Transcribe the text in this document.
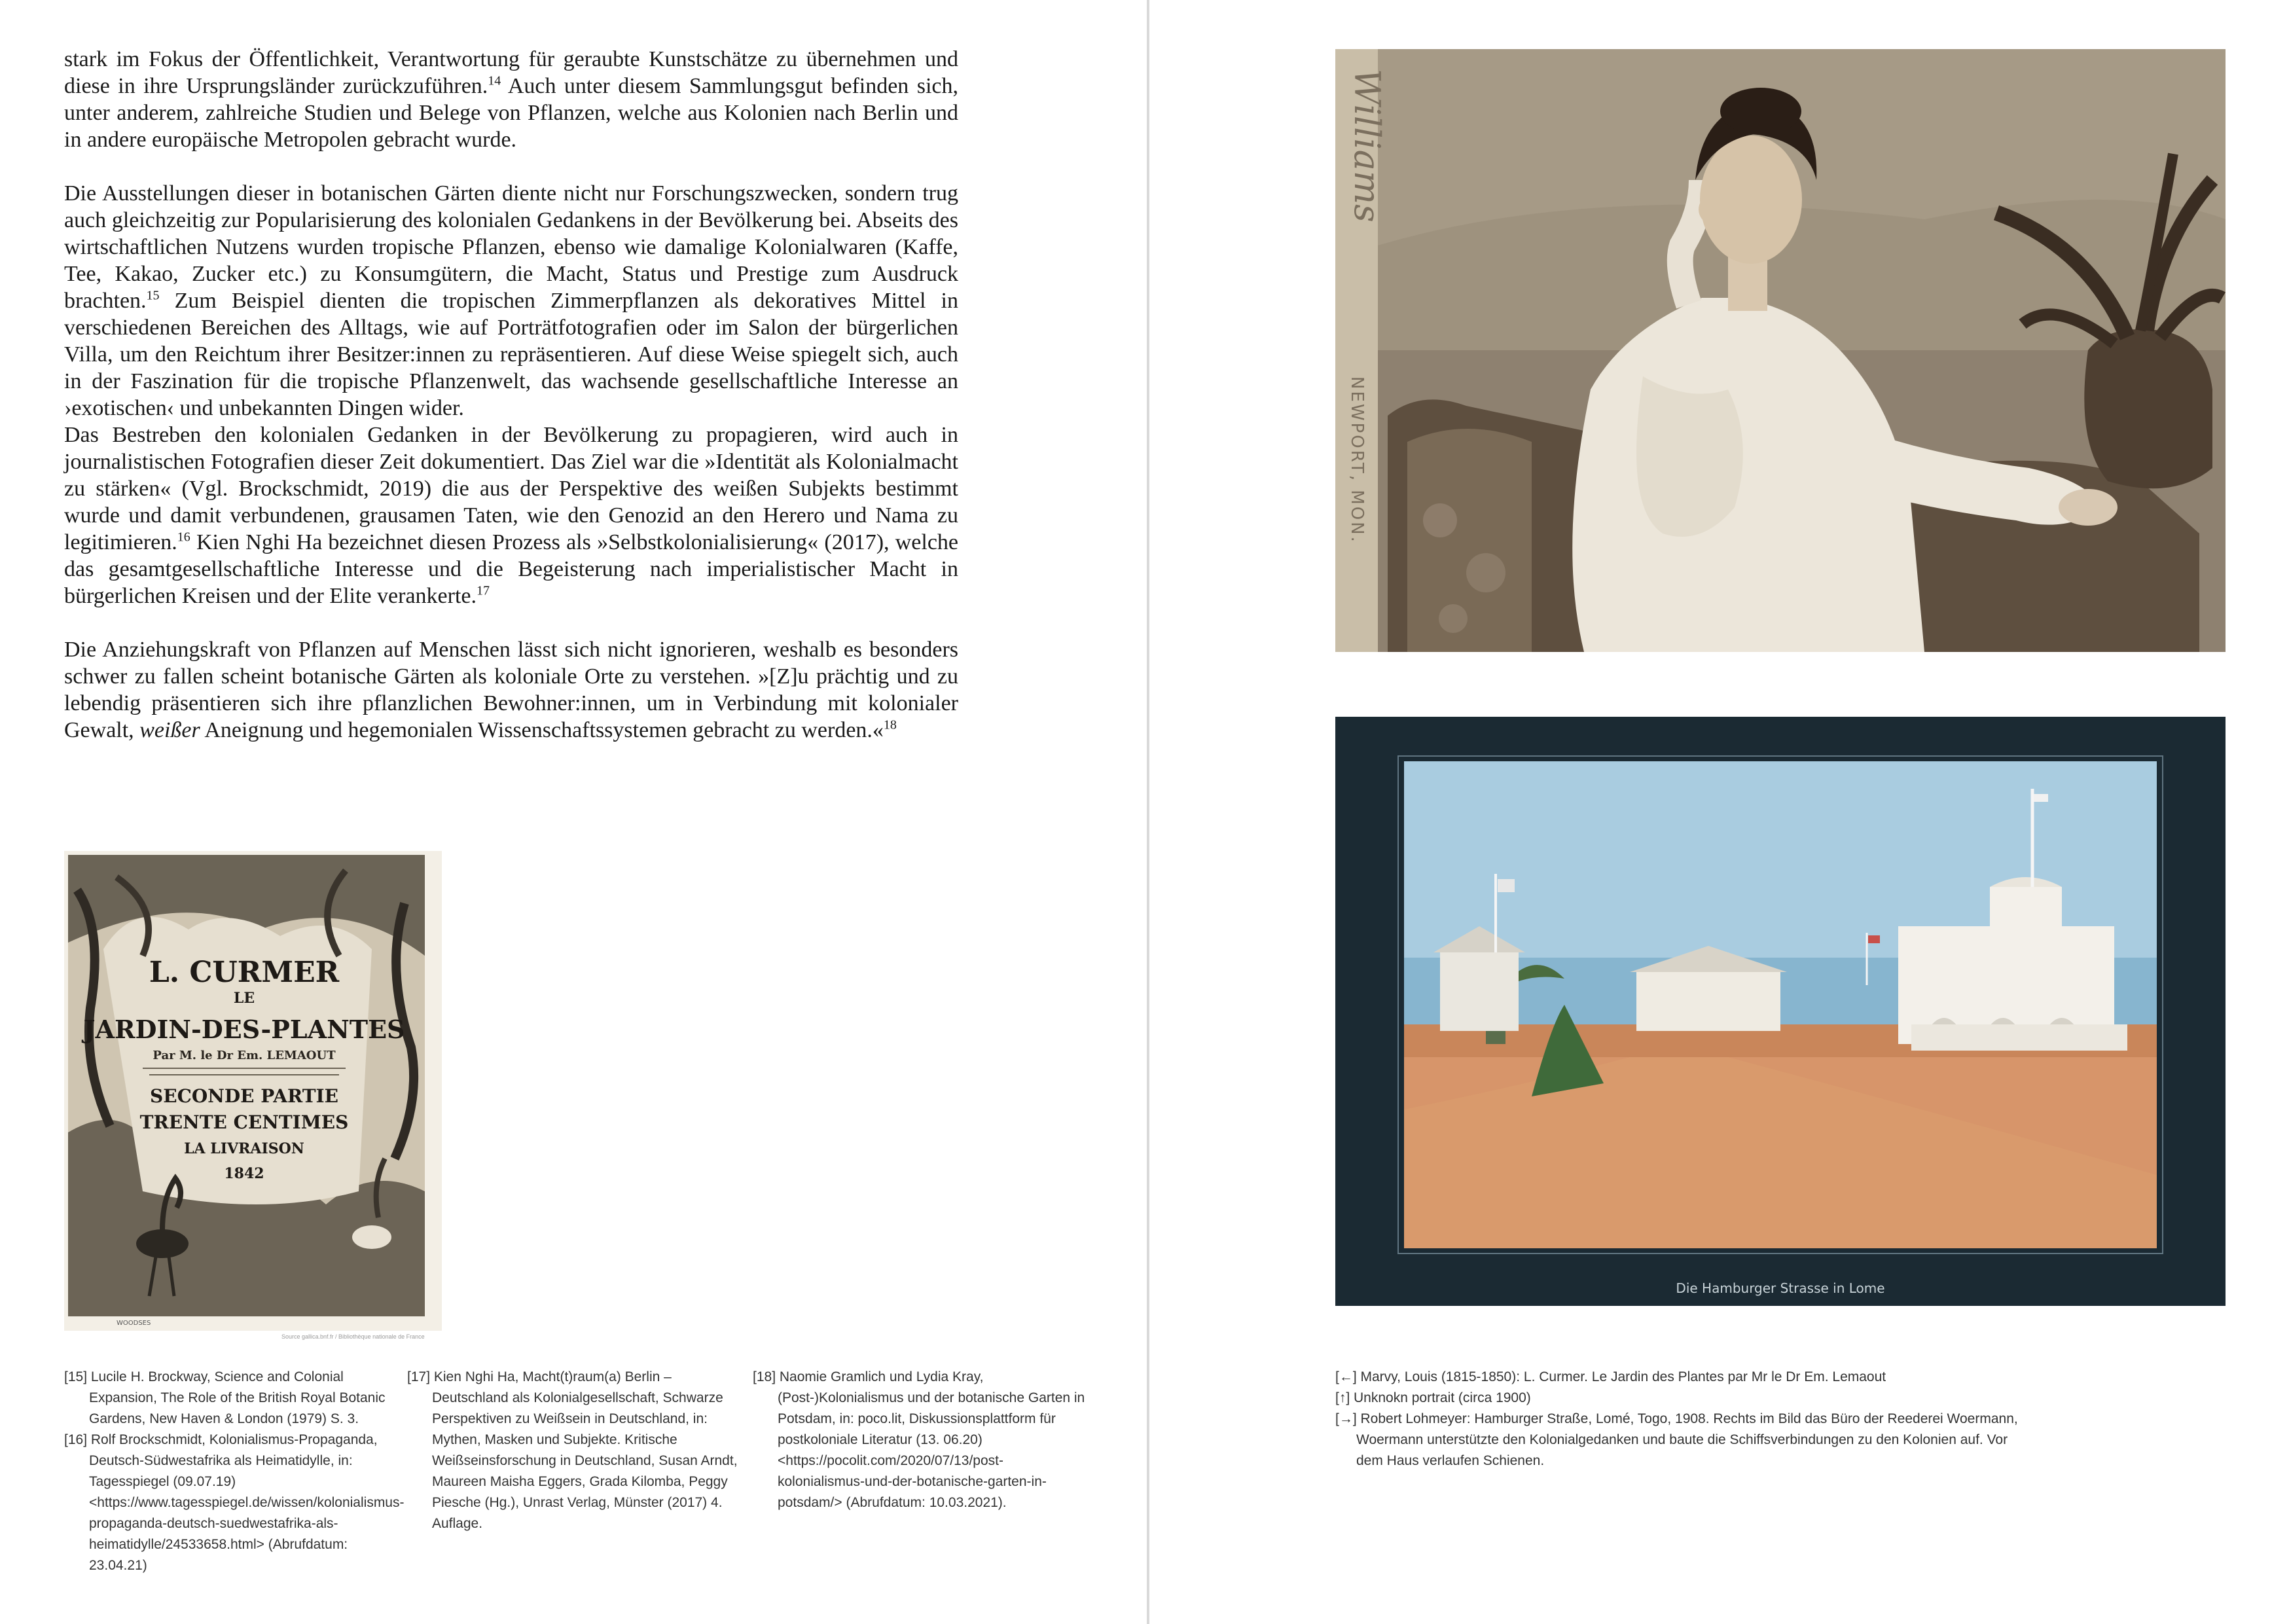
stark im Fokus der Öffentlichkeit, Verantwortung für geraubte Kunstschätze zu übernehmen und diese in ihre Ursprungsländer zurückzuführen.$^{14}$ Auch unter diesem Sammlungsgut befinden sich, unter anderem, zahlreiche Studien und Belege von Pflanzen, welche aus Kolonien nach Berlin und in andere europäische Metropolen gebracht wurde.

Die Ausstellungen dieser in botanischen Gärten diente nicht nur Forschungszwecken, sondern trug auch gleichzeitig zur Popularisierung des kolonialen Gedankens in der Bevölkerung bei. Abseits des wirtschaftlichen Nutzens wurden tropische Pflanzen, ebenso wie damalige Kolonialwaren (Kaffe, Tee, Kakao, Zucker etc.) zu Konsumgütern, die Macht, Status und Prestige zum Ausdruck brachten.$^{15}$ Zum Beispiel dienten die tropischen Zimmerpflanzen als dekoratives Mittel in verschiedenen Bereichen des Alltags, wie auf Porträtfotografien oder im Salon der bürgerlichen Villa, um den Reichtum ihrer Besitzer:innen zu repräsentieren. Auf diese Weise spiegelt sich, auch in der Faszination für die tropische Pflanzenwelt, das wachsende gesellschaftliche Interesse an ›exotischen‹ und unbekannten Dingen wider.

Das Bestreben den kolonialen Gedanken in der Bevölkerung zu propagieren, wird auch in journalistischen Fotografien dieser Zeit dokumentiert. Das Ziel war die »Identität als Kolonialmacht zu stärken« (Vgl. Brockschmidt, 2019) die aus der Perspektive des weißen Subjekts bestimmt wurde und damit verbundenen, grausamen Taten, wie den Genozid an den Herero und Nama zu legitimieren.$^{16}$ Kien Nghi Ha bezeichnet diesen Prozess als »Selbstkolonialisierung« (2017), welche das gesamtgesellschaftliche Interesse und die Begeisterung nach imperialistischer Macht in bürgerlichen Kreisen und der Elite verankerte.$^{17}$

Die Anziehungskraft von Pflanzen auf Menschen lässt sich nicht ignorieren, weshalb es besonders schwer zu fallen scheint botanische Gärten als koloniale Orte zu verstehen. »[Z]u prächtig und zu lebendig präsentieren sich ihre pflanzlichen Bewohner:innen, um in Verbindung mit kolonialer Gewalt, weißer Aneignung und hegemonialen Wissenschaftssystemen gebracht zu werden.«$^{18}$

L. CURMER
LE
JARDIN-DES-PLANTES
Par M. le Dr Em. LEMAOUT
SECONDE PARTIE
TRENTE CENTIMES
LA LIVRAISON
1842
WOODSES
Source gallica.bnf.fr / Bibliothèque nationale de France

[15] Lucile H. Brockway, Science and Colonial Expansion, The Role of the British Royal Botanic Gardens, New Haven & London (1979) S. 3.

[16] Rolf Brockschmidt, Kolonialismus-Propaganda, Deutsch-Südwestafrika als Heimatidylle, in: Tagesspiegel (09.07.19) <https://www.tagesspiegel.de/wissen/kolonialismus-propaganda-deutsch-suedwestafrika-als-heimatidylle/24533658.html> (Abrufdatum: 23.04.21)

[17] Kien Nghi Ha, Macht(t)raum(a) Berlin – Deutschland als Kolonialgesellschaft, Schwarze Perspektiven zu Weißsein in Deutschland, in: Mythen, Masken und Subjekte. Kritische Weißseinsforschung in Deutschland, Susan Arndt, Maureen Maisha Eggers, Grada Kilomba, Peggy Piesche (Hg.), Unrast Verlag, Münster (2017) 4. Auflage.

[18] Naomie Gramlich und Lydia Kray, (Post-)Kolonialismus und der botanische Garten in Potsdam, in: poco.lit, Diskussionsplattform für postkoloniale Literatur (13. 06.20) <https://pocolit.com/2020/07/13/post-kolonialismus-und-der-botanische-garten-in-potsdam/> (Abrufdatum: 10.03.2021).

Williams
NEWPORT, MON.
Die Hamburger Strasse in Lome

[←] Marvy, Louis (1815-1850): L. Curmer. Le Jardin des Plantes par Mr le Dr Em. Lemaout

[↑] Unknokn portrait (circa 1900)

[→] Robert Lohmeyer: Hamburger Straße, Lomé, Togo, 1908. Rechts im Bild das Büro der Reederei Woermann, Woermann unterstützte den Kolonialgedanken und baute die Schiffsverbindungen zu den Kolonien auf. Vor dem Haus verlaufen Schienen.
